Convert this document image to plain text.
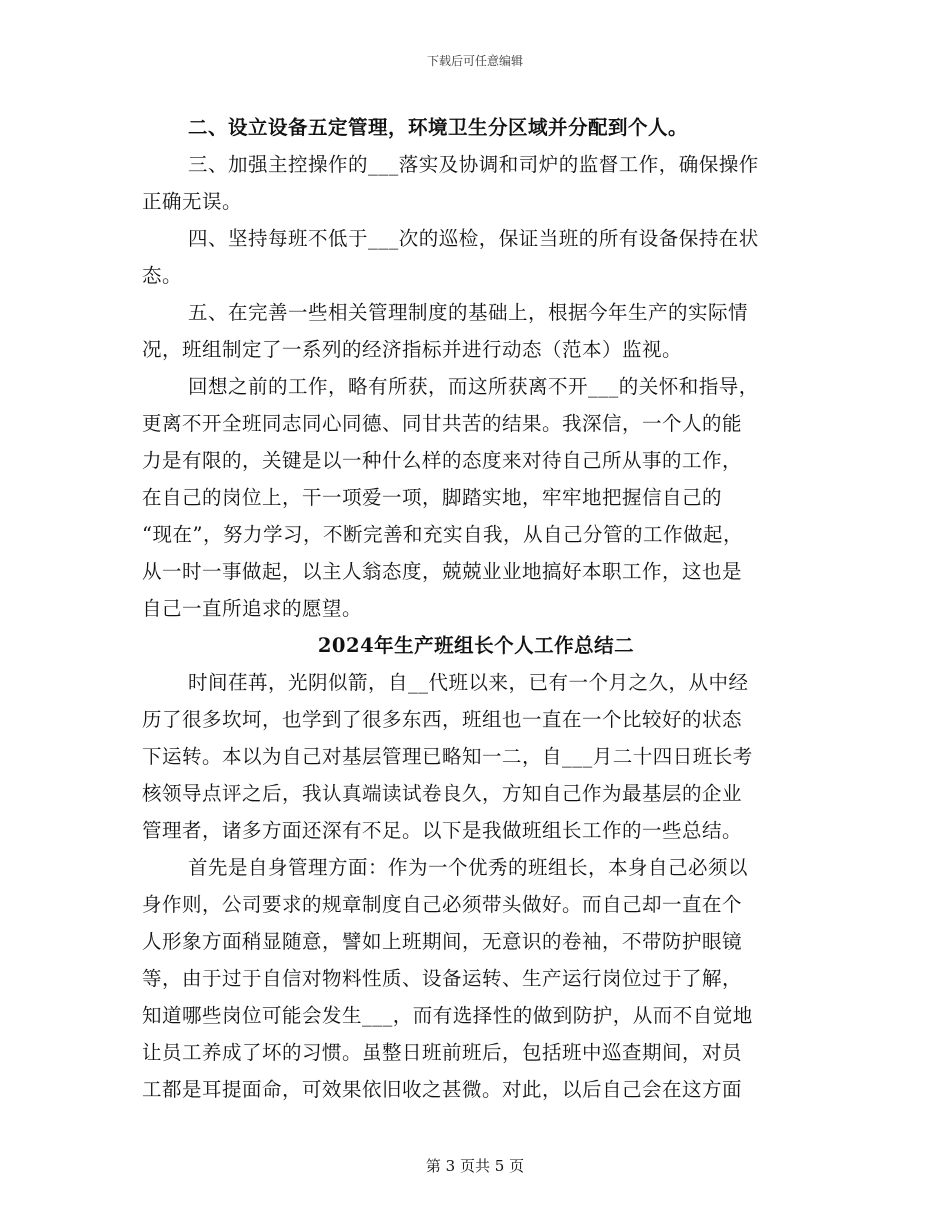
下载后可任意编辑
二、设立设备五定管理，环境卫生分区域并分配到个人。
三、加强主控操作的___落实及协调和司炉的监督工作，确保操作
正确无误。
四、坚持每班不低于___次的巡检，保证当班的所有设备保持在状
态。
五、在完善一些相关管理制度的基础上，根据今年生产的实际情
况，班组制定了一系列的经济指标并进行动态（范本）监视。
回想之前的工作，略有所获，而这所获离不开___的关怀和指导，
更离不开全班同志同心同德、同甘共苦的结果。我深信，一个人的能
力是有限的，关键是以一种什么样的态度来对待自己所从事的工作，
在自己的岗位上，干一项爱一项，脚踏实地，牢牢地把握信自己的
“现在”，努力学习，不断完善和充实自我，从自己分管的工作做起，
从一时一事做起，以主人翁态度，兢兢业业地搞好本职工作，这也是
自己一直所追求的愿望。
2024年生产班组长个人工作总结二
时间荏苒，光阴似箭，自__代班以来，已有一个月之久，从中经
历了很多坎坷，也学到了很多东西，班组也一直在一个比较好的状态
下运转。本以为自己对基层管理已略知一二，自___月二十四日班长考
核领导点评之后，我认真端读试卷良久，方知自己作为最基层的企业
管理者，诸多方面还深有不足。以下是我做班组长工作的一些总结。
首先是自身管理方面：作为一个优秀的班组长，本身自己必须以
身作则，公司要求的规章制度自己必须带头做好。而自己却一直在个
人形象方面稍显随意，譬如上班期间，无意识的卷袖，不带防护眼镜
等，由于过于自信对物料性质、设备运转、生产运行岗位过于了解，
知道哪些岗位可能会发生___，而有选择性的做到防护，从而不自觉地
让员工养成了坏的习惯。虽整日班前班后，包括班中巡查期间，对员
工都是耳提面命，可效果依旧收之甚微。对此，以后自己会在这方面
第 3 页共 5 页
